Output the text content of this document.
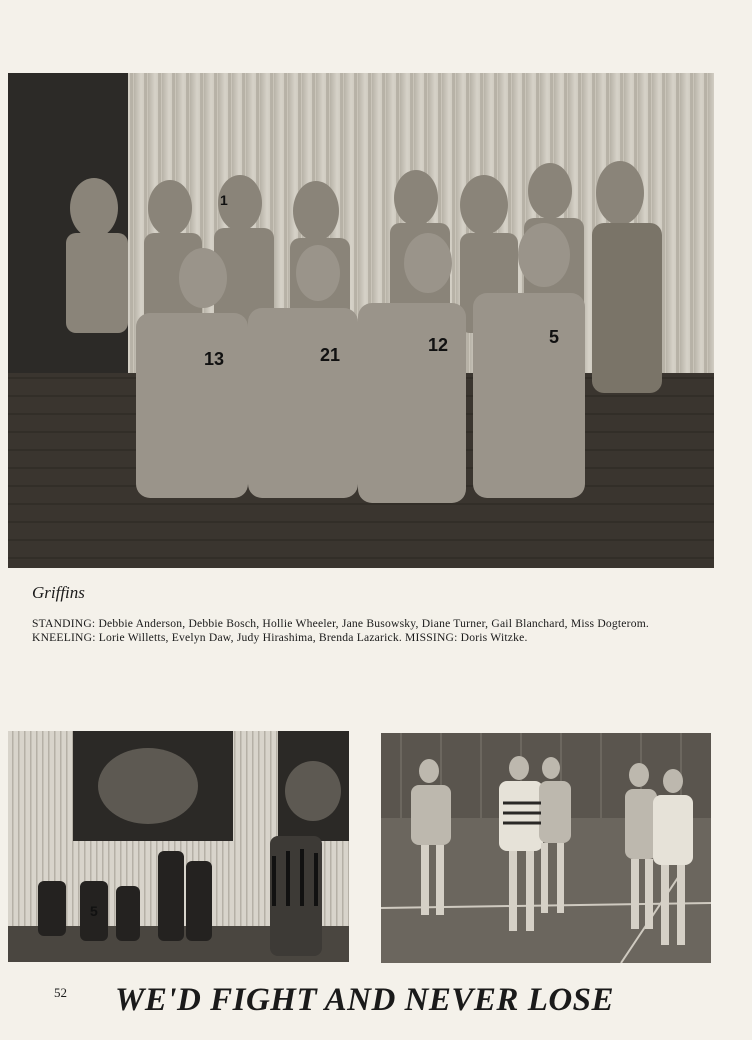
13	21	12	5
1
Griffins
STANDING: Debbie Anderson, Debbie Bosch, Hollie Wheeler, Jane Busowsky, Diane Turner, Gail Blanchard, Miss Dogterom. KNEELING: Lorie Willetts, Evelyn Daw, Judy Hirashima, Brenda Lazarick. MISSING: Doris Witzke.
5
52 WE'D FIGHT AND NEVER LOSE
